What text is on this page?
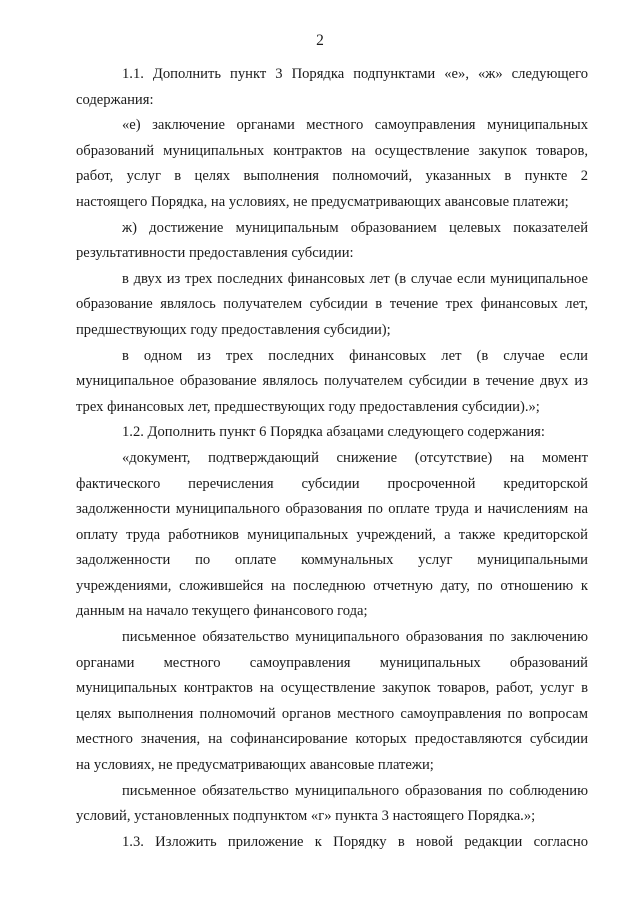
2
1.1. Дополнить пункт 3 Порядка подпунктами «е», «ж» следующего
содержания:
«е) заключение органами местного самоуправления муниципальных
образований муниципальных контрактов на осуществление закупок товаров,
работ, услуг в целях выполнения полномочий, указанных в пункте 2
настоящего Порядка, на условиях, не предусматривающих авансовые платежи;
ж) достижение муниципальным образованием целевых показателей
результативности предоставления субсидии:
в двух из трех последних финансовых лет (в случае если муниципальное
образование являлось получателем субсидии в течение трех финансовых лет,
предшествующих году предоставления субсидии);
в одном из трех последних финансовых лет (в случае если
муниципальное образование являлось получателем субсидии в течение двух из
трех финансовых лет, предшествующих году предоставления субсидии).»;
1.2. Дополнить пункт 6 Порядка абзацами следующего содержания:
«документ, подтверждающий снижение (отсутствие) на момент
фактического перечисления субсидии просроченной кредиторской
задолженности муниципального образования по оплате труда и начислениям на
оплату труда работников муниципальных учреждений, а также кредиторской
задолженности по оплате коммунальных услуг муниципальными
учреждениями, сложившейся на последнюю отчетную дату, по отношению к
данным на начало текущего финансового года;
письменное обязательство муниципального образования по заключению
органами местного самоуправления муниципальных образований
муниципальных контрактов на осуществление закупок товаров, работ, услуг в
целях выполнения полномочий органов местного самоуправления по вопросам
местного значения, на софинансирование которых предоставляются субсидии
на условиях, не предусматривающих авансовые платежи;
письменное обязательство муниципального образования по соблюдению
условий, установленных подпунктом «г» пункта 3 настоящего Порядка.»;
1.3. Изложить приложение к Порядку в новой редакции согласно
